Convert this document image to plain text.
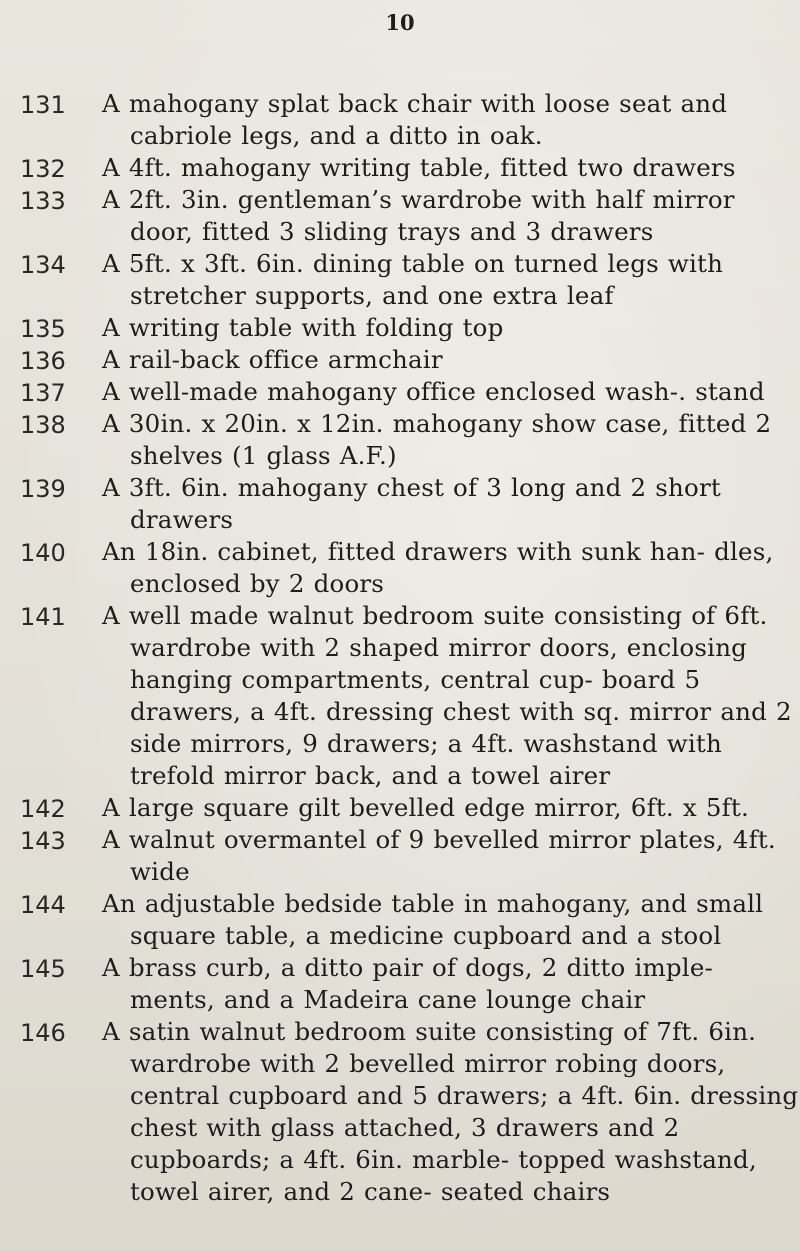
10
131	A mahogany splat back chair with loose seat and cabriole legs, and a ditto in oak.
132	A 4ft. mahogany writing table, fitted two drawers
133	A 2ft. 3in. gentleman’s wardrobe with half mirror door, fitted 3 sliding trays and 3 drawers
134	A 5ft. x 3ft. 6in. dining table on turned legs with stretcher supports, and one extra leaf
135	A writing table with folding top
136	A rail-back office armchair
137	A well-made mahogany office enclosed wash-. stand
138	A 30in. x 20in. x 12in. mahogany show case, fitted 2 shelves (1 glass A.F.)
139	A 3ft. 6in. mahogany chest of 3 long and 2 short drawers
140	An 18in. cabinet, fitted drawers with sunk han- dles, enclosed by 2 doors
141	A well made walnut bedroom suite consisting of 6ft. wardrobe with 2 shaped mirror doors, enclosing hanging compartments, central cup- board 5 drawers, a 4ft. dressing chest with sq. mirror and 2 side mirrors, 9 drawers; a 4ft. washstand with trefold mirror back, and a towel airer
142	A large square gilt bevelled edge mirror, 6ft. x 5ft.
143	A walnut overmantel of 9 bevelled mirror plates, 4ft. wide
144	An adjustable bedside table in mahogany, and small square table, a medicine cupboard and a stool
145	A brass curb, a ditto pair of dogs, 2 ditto imple- ments, and a Madeira cane lounge chair
146	A satin walnut bedroom suite consisting of 7ft. 6in. wardrobe with 2 bevelled mirror robing doors, central cupboard and 5 drawers; a 4ft. 6in. dressing chest with glass attached, 3 drawers and 2 cupboards; a 4ft. 6in. marble- topped washstand, towel airer, and 2 cane- seated chairs
